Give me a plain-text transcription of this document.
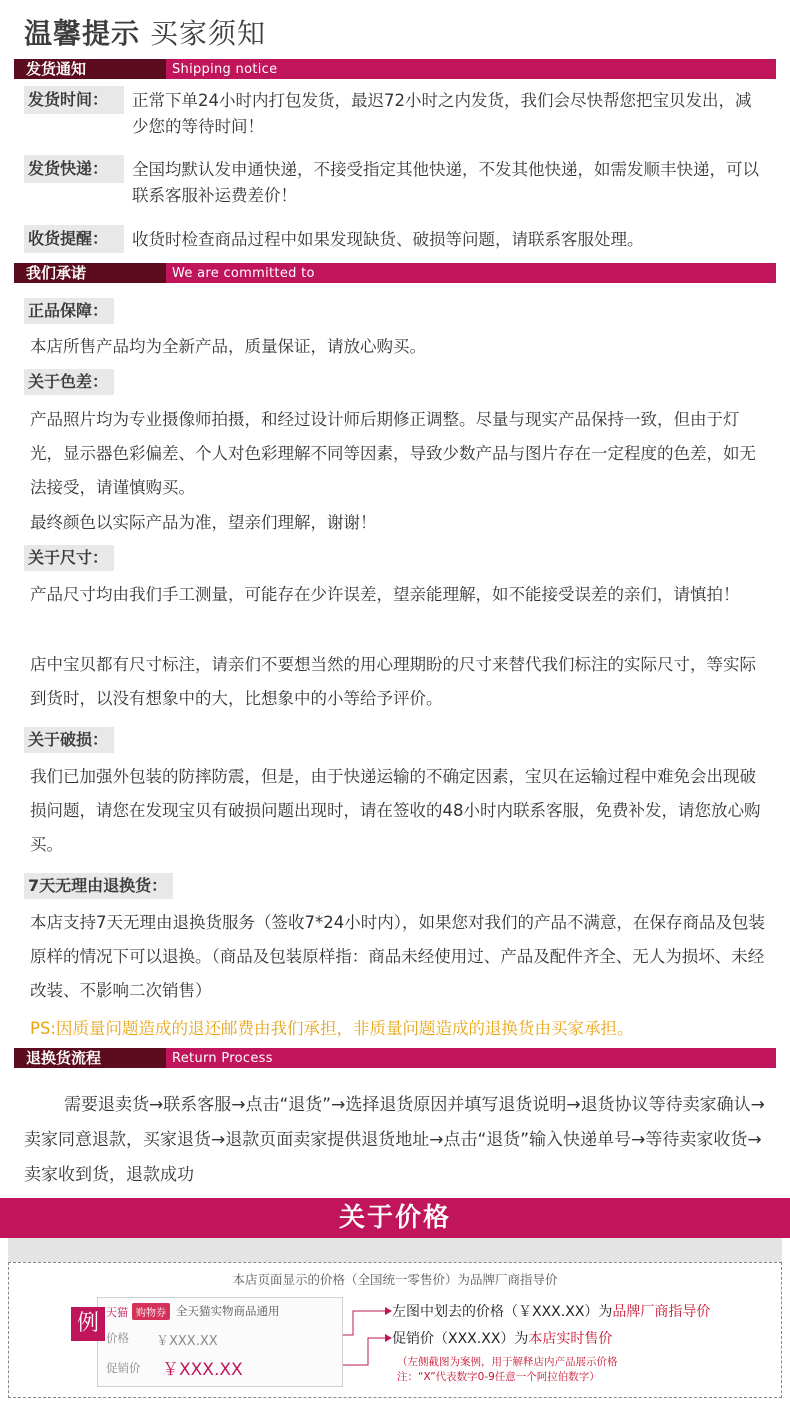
温馨提示 买家须知
发货通知	Shipping notice
发货时间：	正常下单24小时内打包发货，最迟72小时之内发货，我们会尽快帮您把宝贝发出，减少您的等待时间！
发货快递：	全国均默认发申通快递，不接受指定其他快递，不发其他快递，如需发顺丰快递，可以联系客服补运费差价！
收货提醒：	收货时检查商品过程中如果发现缺货、破损等问题，请联系客服处理。
我们承诺	We are committed to
正品保障：
本店所售产品均为全新产品，质量保证，请放心购买。
关于色差：
产品照片均为专业摄像师拍摄，和经过设计师后期修正调整。尽量与现实产品保持一致，但由于灯光，显示器色彩偏差、个人对色彩理解不同等因素，导致少数产品与图片存在一定程度的色差，如无法接受，请谨慎购买。
最终颜色以实际产品为准，望亲们理解，谢谢！
关于尺寸：
产品尺寸均由我们手工测量，可能存在少许误差，望亲能理解，如不能接受误差的亲们，请慎拍！
店中宝贝都有尺寸标注，请亲们不要想当然的用心理期盼的尺寸来替代我们标注的实际尺寸，等实际到货时，以没有想象中的大，比想象中的小等给予评价。
关于破损：
我们已加强外包装的防摔防震，但是，由于快递运输的不确定因素，宝贝在运输过程中难免会出现破损问题，请您在发现宝贝有破损问题出现时，请在签收的48小时内联系客服，免费补发，请您放心购买。
7天无理由退换货：
本店支持7天无理由退换货服务（签收7*24小时内），如果您对我们的产品不满意，在保存商品及包装原样的情况下可以退换。（商品及包装原样指：商品未经使用过、产品及配件齐全、无人为损坏、未经改装、不影响二次销售）
PS:因质量问题造成的退还邮费由我们承担，非质量问题造成的退换货由买家承担。
退换货流程	Return Process
需要退卖货→联系客服→点击“退货”→选择退货原因并填写退货说明→退货协议等待卖家确认→卖家同意退款，买家退货→退款页面卖家提供退货地址→点击“退货”输入快递单号→等待卖家收货→卖家收到货，退款成功
关于价格
本店页面显示的价格（全国统一零售价）为品牌厂商指导价
天猫 购物券 全天猫实物商品通用
价格 ￥XXX.XX
促销价 ￥XXX.XX
例	左图中划去的价格（￥XXX.XX）为品牌厂商指导价
促销价（XXX.XX）为本店实时售价
（左侧截图为案例，用于解释店内产品展示价格
注：“X”代表数字0-9任意一个阿拉伯数字）
